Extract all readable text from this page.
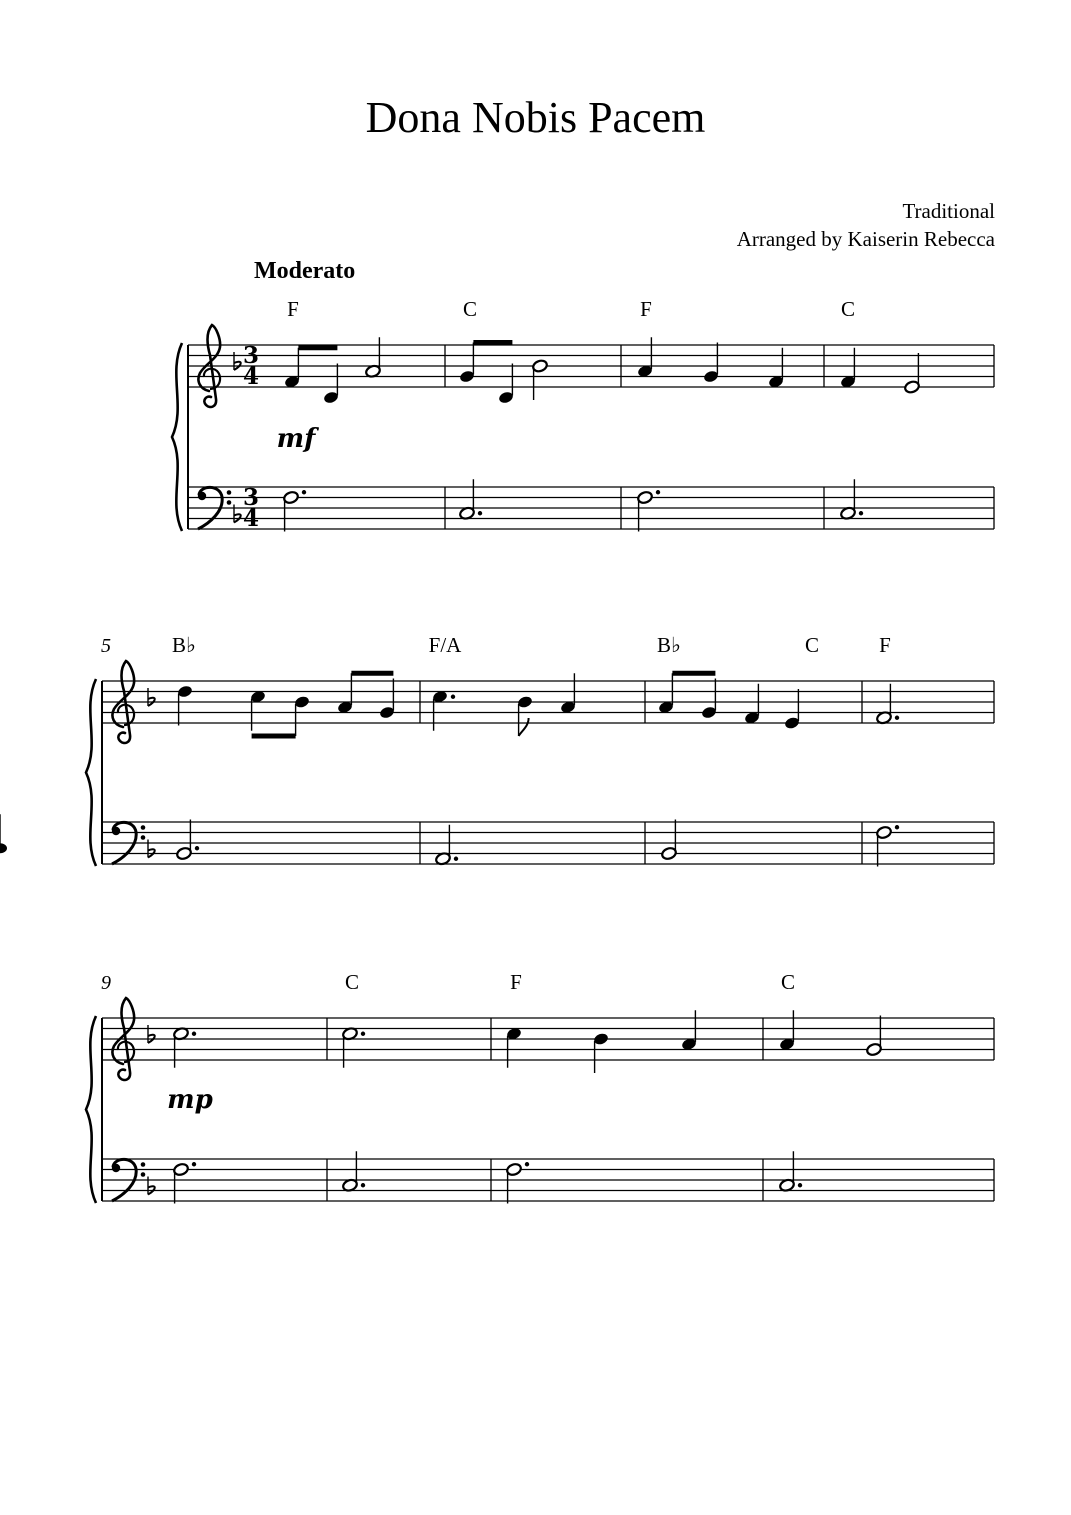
Dona Nobis Pacem
Traditional
Arranged by Kaiserin Rebecca
Moderato
3
4
3
4
F	C	F	C
mf
5	B♭	F/A	B♭	C	F
9	C	F	C
mp
